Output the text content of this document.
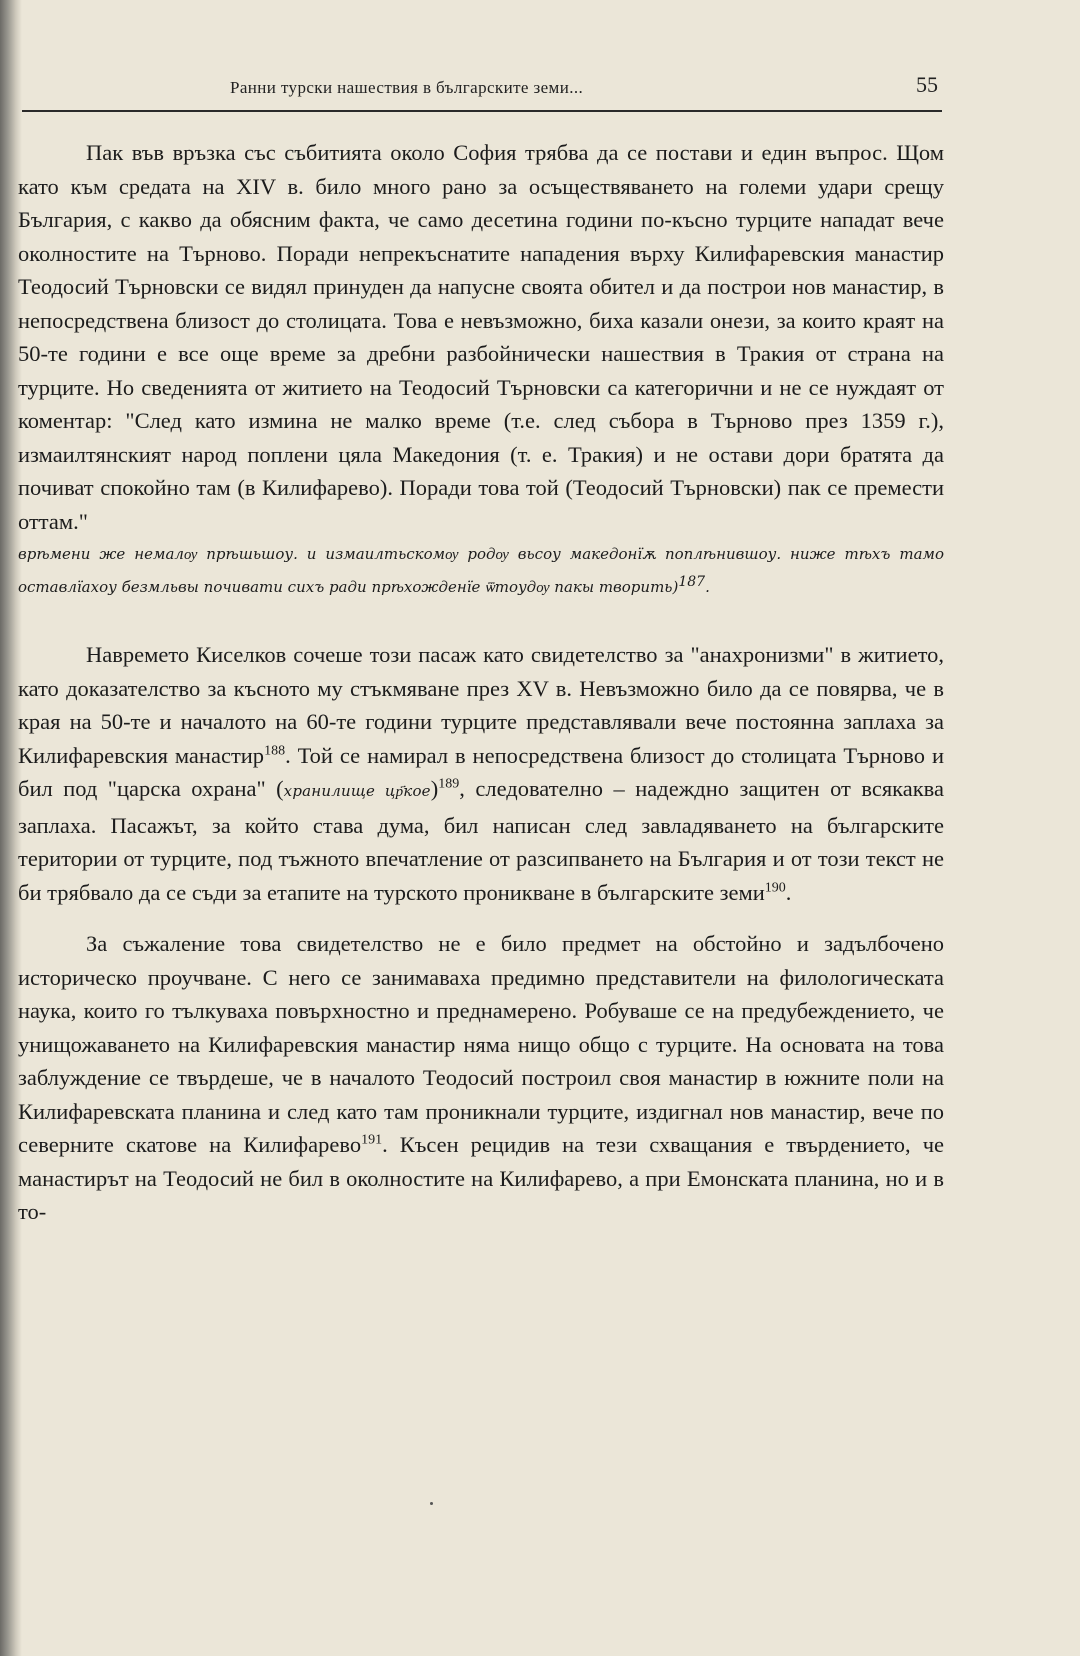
Ранни турски нашествия в българските земи...	55

Пак във връзка със събитията около София трябва да се постави и един въпрос. Щом като към средата на XIV в. било много рано за осъществяването на големи удари срещу България, с какво да обясним факта, че само десетина години по-късно турците нападат вече околностите на Търново. Поради непрекъснатите нападения върху Килифаревския манастир Теодосий Търновски се видял принуден да напусне своята обител и да построи нов манастир, в непосредствена близост до столицата. Това е невъзможно, биха казали онези, за които краят на 50-те години е все още време за дребни разбойнически нашествия в Тракия от страна на турците. Но сведенията от житието на Теодосий Търновски са категорични и не се нуждаят от коментар: "След като измина не малко време (т.е. след събора в Търново през 1359 г.), измаилтянският народ поплени цяла Македония (т. е. Тракия) и не остави дори братята да почиват спокойно там (в Килифарево). Поради това той (Теодосий Търновски) пак се премести оттам."

врѣмени же немалѹ прѣшьшоу. и измаилтьскомѹ родѹ вьсоу македонїѫ поплѣнившоу. ниже тѣхъ тамо оставлїахоу безмльвы почивати сихъ ради прѣхожденїе ѿтоудѹ пакы творить)$^{187}$.

Навремето Киселков сочеше този пасаж като свидетелство за "анахронизми" в житието, като доказателство за късното му стъкмяване през XV в. Невъзможно било да се повярва, че в края на 50-те и началото на 60-те години турците представлявали вече постоянна заплаха за Килифаревския манастир$^{188}$. Той се намирал в непосредствена близост до столицата Търново и бил под "царска охрана" (хранилище цр҃кое)$^{189}$, следователно – надеждно защитен от всякаква заплаха. Пасажът, за който става дума, бил написан след завладяването на българските територии от турците, под тъжното впечатление от разсипването на България и от този текст не би трябвало да се съди за етапите на турското проникване в българските земи$^{190}$.

За съжаление това свидетелство не е било предмет на обстойно и задълбочено историческо проучване. С него се занимаваха предимно представители на филологическата наука, които го тълкуваха повърхностно и преднамерено. Робуваше се на предубеждението, че унищожаването на Килифаревския манастир няма нищо общо с турците. На основата на това заблуждение се твърдеше, че в началото Теодосий построил своя манастир в южните поли на Килифаревската планина и след като там проникнали турците, издигнал нов манастир, вече по северните скатове на Килифарево$^{191}$. Късен рецидив на тези схващания е твърдението, че манастирът на Теодосий не бил в околностите на Килифарево, а при Емонската планина, но и в то-
